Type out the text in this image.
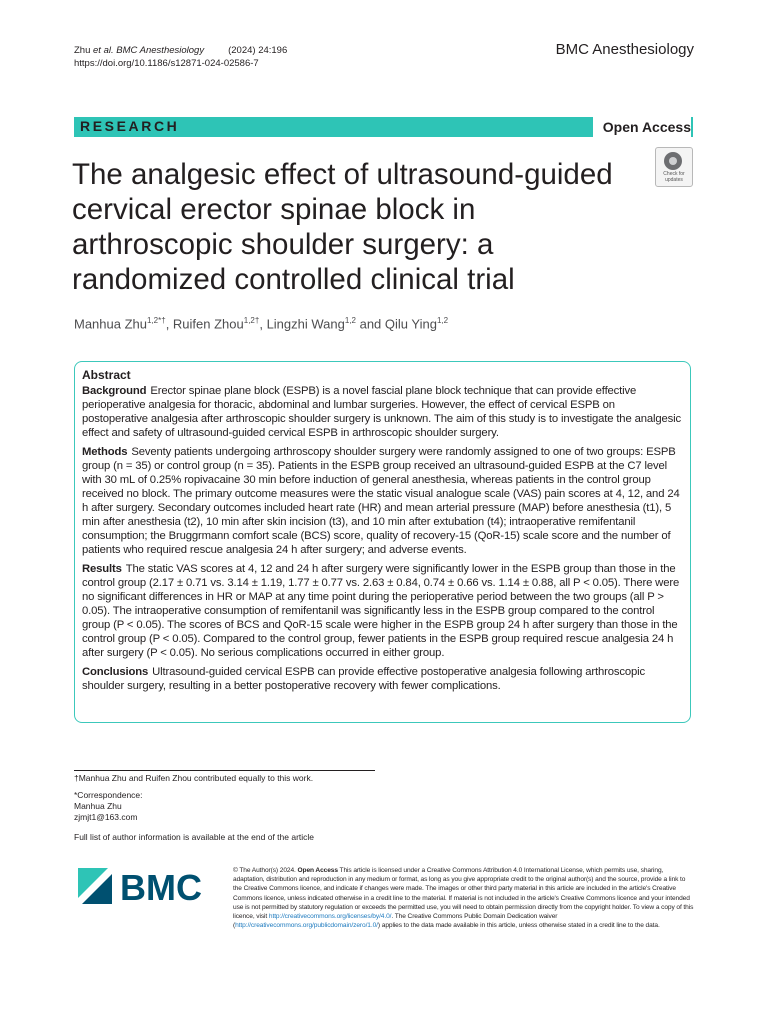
Zhu et al. BMC Anesthesiology	(2024) 24:196
https://doi.org/10.1186/s12871-024-02586-7
BMC Anesthesiology
RESEARCH	Open Access
Check for updates
The analgesic effect of ultrasound-guided cervical erector spinae block in arthroscopic shoulder surgery: a randomized controlled clinical trial
Manhua Zhu$^{1,2*\dagger}$, Ruifen Zhou$^{1,2\dagger}$, Lingzhi Wang$^{1,2}$ and Qilu Ying$^{1,2}$
Abstract

Background Erector spinae plane block (ESPB) is a novel fascial plane block technique that can provide effective perioperative analgesia for thoracic, abdominal and lumbar surgeries. However, the effect of cervical ESPB on postoperative analgesia after arthroscopic shoulder surgery is unknown. The aim of this study is to investigate the analgesic effect and safety of ultrasound-guided cervical ESPB in arthroscopic shoulder surgery.

Methods Seventy patients undergoing arthroscopy shoulder surgery were randomly assigned to one of two groups: ESPB group (n = 35) or control group (n = 35). Patients in the ESPB group received an ultrasound-guided ESPB at the C7 level with 30 mL of 0.25% ropivacaine 30 min before induction of general anesthesia, whereas patients in the control group received no block. The primary outcome measures were the static visual analogue scale (VAS) pain scores at 4, 12, and 24 h after surgery. Secondary outcomes included heart rate (HR) and mean arterial pressure (MAP) before anesthesia (t1), 5 min after anesthesia (t2), 10 min after skin incision (t3), and 10 min after extubation (t4); intraoperative remifentanil consumption; the Bruggrmann comfort scale (BCS) score, quality of recovery-15 (QoR-15) scale score and the number of patients who required rescue analgesia 24 h after surgery; and adverse events.

Results The static VAS scores at 4, 12 and 24 h after surgery were significantly lower in the ESPB group than those in the control group (2.17 ± 0.71 vs. 3.14 ± 1.19, 1.77 ± 0.77 vs. 2.63 ± 0.84, 0.74 ± 0.66 vs. 1.14 ± 0.88, all P < 0.05). There were no significant differences in HR or MAP at any time point during the perioperative period between the two groups (all P > 0.05). The intraoperative consumption of remifentanil was significantly less in the ESPB group compared to the control group (P < 0.05). The scores of BCS and QoR-15 scale were higher in the ESPB group 24 h after surgery than those in the control group (P < 0.05). Compared to the control group, fewer patients in the ESPB group required rescue analgesia 24 h after surgery (P < 0.05). No serious complications occurred in either group.

Conclusions Ultrasound-guided cervical ESPB can provide effective postoperative analgesia following arthroscopic shoulder surgery, resulting in a better postoperative recovery with fewer complications.

†Manhua Zhu and Ruifen Zhou contributed equally to this work.
*Correspondence:
Manhua Zhu
zjmjt1@163.com
Full list of author information is available at the end of the article
BMC	© The Author(s) 2024. Open Access This article is licensed under a Creative Commons Attribution 4.0 International License, which permits use, sharing, adaptation, distribution and reproduction in any medium or format, as long as you give appropriate credit to the original author(s) and the source, provide a link to the Creative Commons licence, and indicate if changes were made. The images or other third party material in this article are included in the article's Creative Commons licence, unless indicated otherwise in a credit line to the material. If material is not included in the article's Creative Commons licence and your intended use is not permitted by statutory regulation or exceeds the permitted use, you will need to obtain permission directly from the copyright holder. To view a copy of this licence, visit http://creativecommons.org/licenses/by/4.0/. The Creative Commons Public Domain Dedication waiver (http://creativecommons.org/publicdomain/zero/1.0/) applies to the data made available in this article, unless otherwise stated in a credit line to the data.
